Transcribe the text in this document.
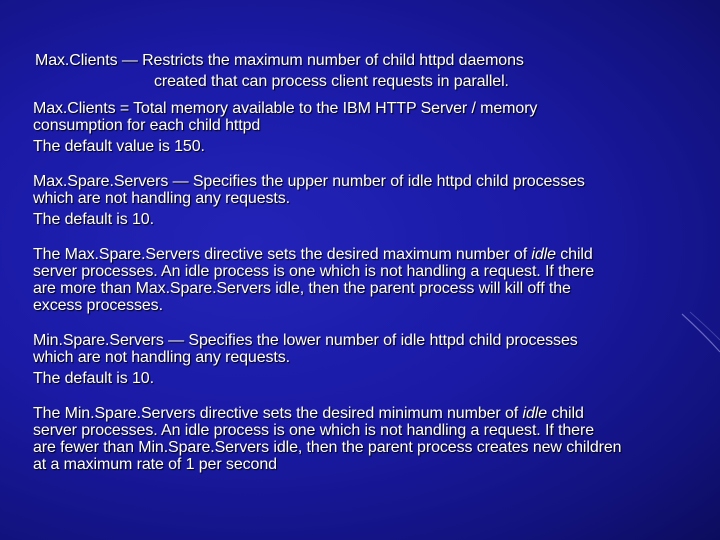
Max.Clients — Restricts the maximum number of child httpd daemons
created that can process client requests in parallel.
Max.Clients = Total memory available to the IBM HTTP Server / memory
consumption for each child httpd
The default value is 150.
Max.Spare.Servers — Specifies the upper number of idle httpd child processes
which are not handling any requests.
The default is 10.
The Max.Spare.Servers directive sets the desired maximum number of idle child
server processes. An idle process is one which is not handling a request. If there
are more than Max.Spare.Servers idle, then the parent process will kill off the
excess processes.
Min.Spare.Servers — Specifies the lower number of idle httpd child processes
which are not handling any requests.
The default is 10.
The Min.Spare.Servers directive sets the desired minimum number of idle child
server processes. An idle process is one which is not handling a request. If there
are fewer than Min.Spare.Servers idle, then the parent process creates new children
at a maximum rate of 1 per second
